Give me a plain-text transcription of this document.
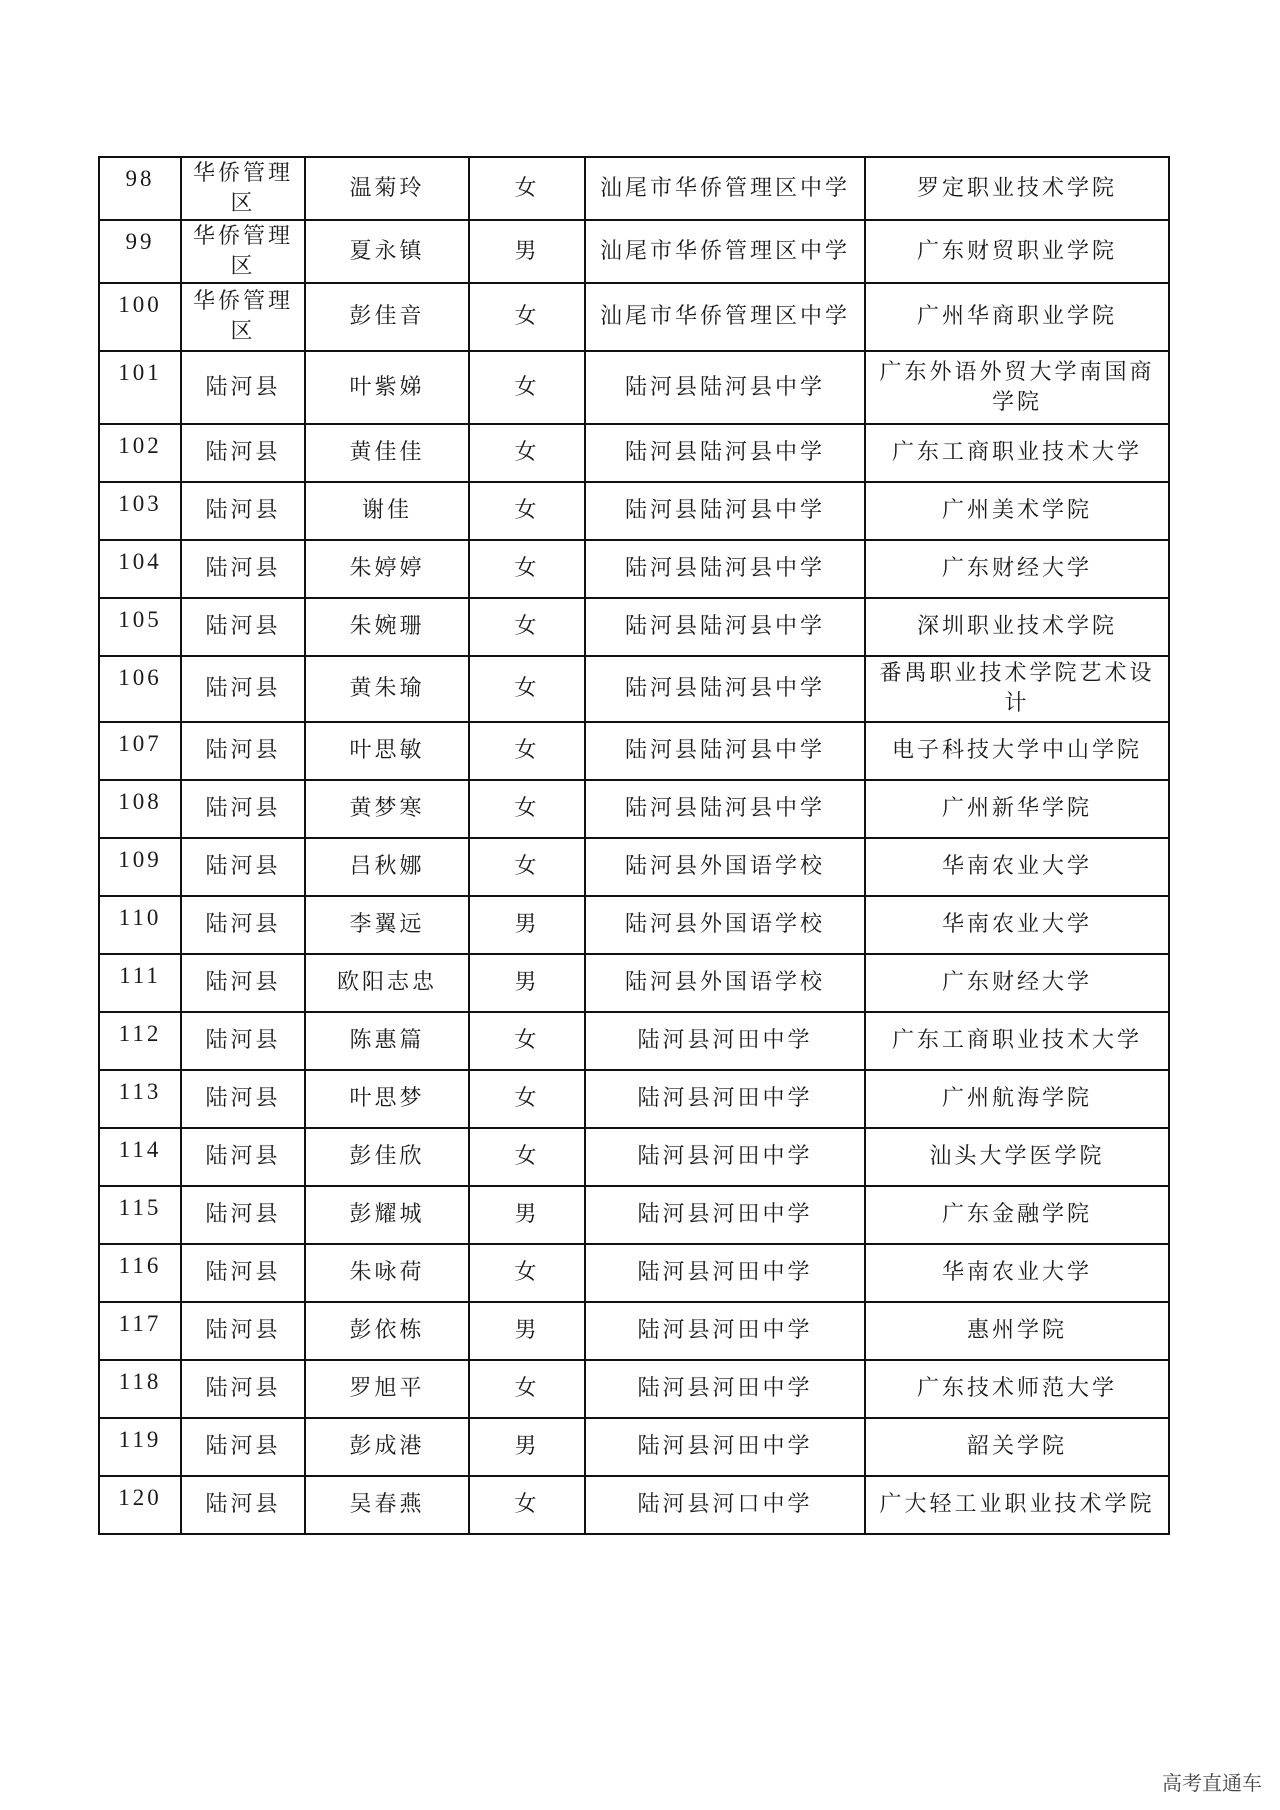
98	华侨管理区	温菊玲	女	汕尾市华侨管理区中学	罗定职业技术学院
99	华侨管理区	夏永镇	男	汕尾市华侨管理区中学	广东财贸职业学院
100	华侨管理区	彭佳音	女	汕尾市华侨管理区中学	广州华商职业学院
101	陆河县	叶紫娣	女	陆河县陆河县中学	广东外语外贸大学南国商学院
102	陆河县	黄佳佳	女	陆河县陆河县中学	广东工商职业技术大学
103	陆河县	谢佳	女	陆河县陆河县中学	广州美术学院
104	陆河县	朱婷婷	女	陆河县陆河县中学	广东财经大学
105	陆河县	朱婉珊	女	陆河县陆河县中学	深圳职业技术学院
106	陆河县	黄朱瑜	女	陆河县陆河县中学	番禺职业技术学院艺术设计
107	陆河县	叶思敏	女	陆河县陆河县中学	电子科技大学中山学院
108	陆河县	黄梦寒	女	陆河县陆河县中学	广州新华学院
109	陆河县	吕秋娜	女	陆河县外国语学校	华南农业大学
110	陆河县	李翼远	男	陆河县外国语学校	华南农业大学
111	陆河县	欧阳志忠	男	陆河县外国语学校	广东财经大学
112	陆河县	陈惠篇	女	陆河县河田中学	广东工商职业技术大学
113	陆河县	叶思梦	女	陆河县河田中学	广州航海学院
114	陆河县	彭佳欣	女	陆河县河田中学	汕头大学医学院
115	陆河县	彭耀城	男	陆河县河田中学	广东金融学院
116	陆河县	朱咏荷	女	陆河县河田中学	华南农业大学
117	陆河县	彭依栋	男	陆河县河田中学	惠州学院
118	陆河县	罗旭平	女	陆河县河田中学	广东技术师范大学
119	陆河县	彭成港	男	陆河县河田中学	韶关学院
120	陆河县	吴春燕	女	陆河县河口中学	广大轻工业职业技术学院
高考直通车
